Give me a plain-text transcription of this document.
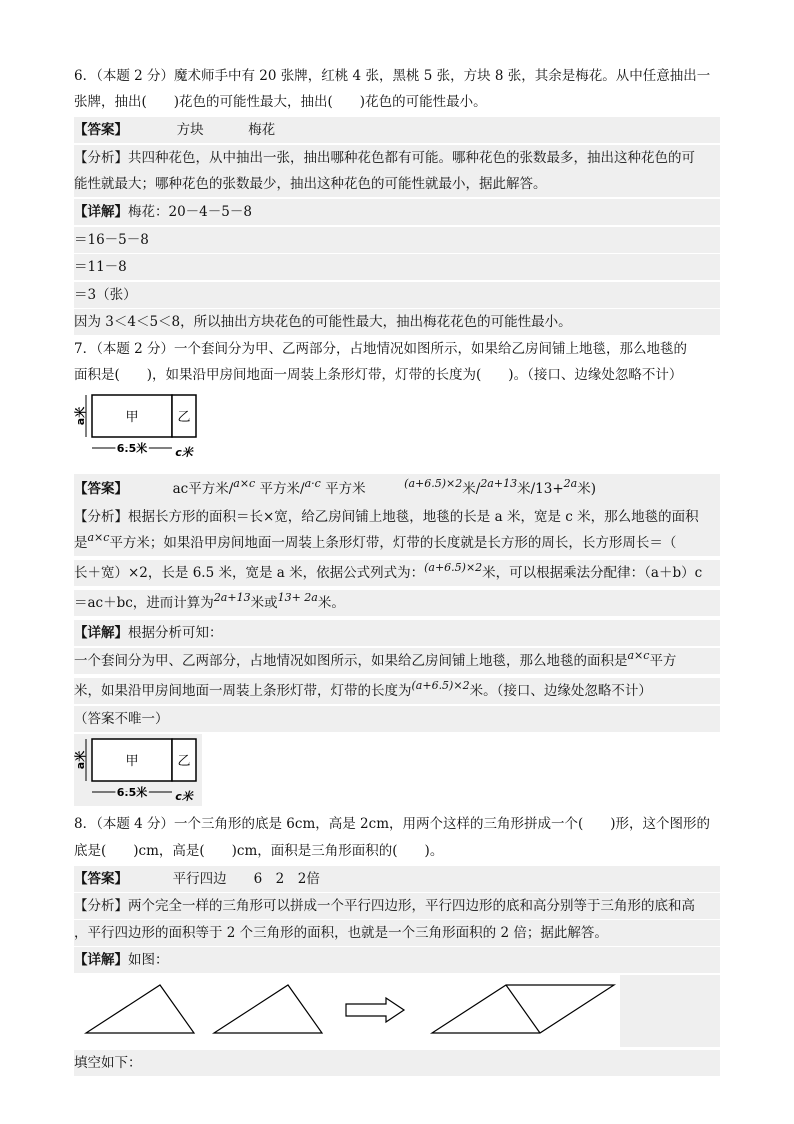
6．（本题 2 分）魔术师手中有 20 张牌，红桃 4 张，黑桃 5 张，方块 8 张，其余是梅花。从中任意抽出一
张牌，抽出(　　)花色的可能性最大，抽出(　　)花色的可能性最小。
【答案】	方块	梅花
【分析】共四种花色，从中抽出一张，抽出哪种花色都有可能。哪种花色的张数最多，抽出这种花色的可
能性就最大；哪种花色的张数最少，抽出这种花色的可能性就最小，据此解答。
【详解】梅花：20－4－5－8
＝16－5－8
＝11－8
＝3（张）
因为 3＜4＜5＜8，所以抽出方块花色的可能性最大，抽出梅花花色的可能性最小。
7．（本题 2 分）一个套间分为甲、乙两部分，占地情况如图所示，如果给乙房间铺上地毯，那么地毯的
面积是(　　)，如果沿甲房间地面一周装上条形灯带，灯带的长度为(　　)。（接口、边缘处忽略不计）
甲	乙
a米
6.5米	c米
【答案】	ac平方米/$^{a\times c}$ 平方米/$^{a\cdot c}$ 平方米	$^{(a+6.5)\times 2}$米/$^{2a+13}$米/13+$^{2a}$米)
【分析】根据长方形的面积＝长×宽，给乙房间铺上地毯，地毯的长是 a 米，宽是 c 米，那么地毯的面积
是$^{a\times c}$平方米；如果沿甲房间地面一周装上条形灯带，灯带的长度就是长方形的周长，长方形周长＝（
长＋宽）×2，长是 6.5 米，宽是 a 米，依据公式列式为：$^{(a+6.5)\times 2}$米，可以根据乘法分配律：（a＋b）c
＝ac＋bc，进而计算为$^{2a+13}$米或$^{13+ 2a}$米。
【详解】根据分析可知：
一个套间分为甲、乙两部分，占地情况如图所示，如果给乙房间铺上地毯，那么地毯的面积是$^{a\times c}$平方
米，如果沿甲房间地面一周装上条形灯带，灯带的长度为$^{(a+6.5)\times 2}$米。（接口、边缘处忽略不计）
（答案不唯一）
甲	乙
a米
6.5米	c米
8．（本题 4 分）一个三角形的底是 6cm，高是 2cm，用两个这样的三角形拼成一个(　　)形，这个图形的
底是(　　)cm，高是(　　)cm，面积是三角形面积的(　　)。
【答案】	平行四边　　6　2　2倍
【分析】两个完全一样的三角形可以拼成一个平行四边形，平行四边形的底和高分别等于三角形的底和高
，平行四边形的面积等于 2 个三角形的面积，也就是一个三角形面积的 2 倍；据此解答。
【详解】如图：
填空如下：
